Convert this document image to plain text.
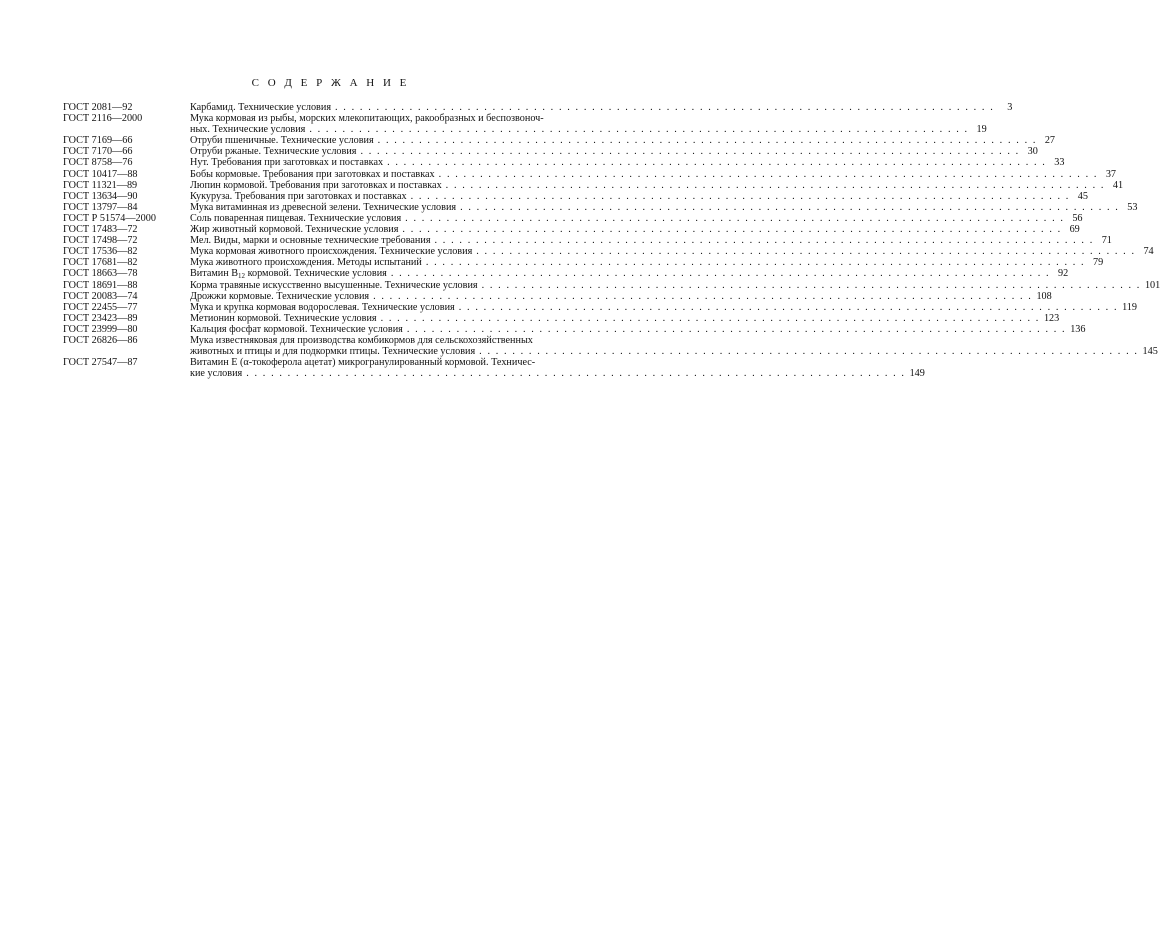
С О Д Е Р Ж А Н И Е
ГОСТ 2081—92	Карбамид. Технические условия . . . . . . . . . . . . . . . . . . . . . . . . . . . . . . . . . . . . . . . . . . . . . . . . . . . . . . . . . . . . . . . . . . . . . . . . . . . . . . . .	3
ГОСТ 2116—2000	Мука кормовая из рыбы, морских млекопитающих, ракообразных и беспозвоноч-
ных. Технические условия . . . . . . . . . . . . . . . . . . . . . . . . . . . . . . . . . . . . . . . . . . . . . . . . . . . . . . . . . . . . . . . . . . . . . . . . . . . . . . . . 19
ГОСТ 7169—66	Отруби пшеничные. Технические условия . . . . . . . . . . . . . . . . . . . . . . . . . . . . . . . . . . . . . . . . . . . . . . . . . . . . . . . . . . . . . . . . . . . . . . . . . . . . . . . . 27
ГОСТ 7170—66	Отруби ржаные. Технические условия . . . . . . . . . . . . . . . . . . . . . . . . . . . . . . . . . . . . . . . . . . . . . . . . . . . . . . . . . . . . . . . . . . . . . . . . . . . . . . . . 30
ГОСТ 8758—76	Нут. Требования при заготовках и поставках . . . . . . . . . . . . . . . . . . . . . . . . . . . . . . . . . . . . . . . . . . . . . . . . . . . . . . . . . . . . . . . . . . . . . . . . . . . . . . . . 33
ГОСТ 10417—88	Бобы кормовые. Требования при заготовках и поставках . . . . . . . . . . . . . . . . . . . . . . . . . . . . . . . . . . . . . . . . . . . . . . . . . . . . . . . . . . . . . . . . . . . . . . . . . . . . . . . . 37
ГОСТ 11321—89	Люпин кормовой. Требования при заготовках и поставках . . . . . . . . . . . . . . . . . . . . . . . . . . . . . . . . . . . . . . . . . . . . . . . . . . . . . . . . . . . . . . . . . . . . . . . . . . . . . . . . 41
ГОСТ 13634—90	Кукуруза. Требования при заготовках и поставках . . . . . . . . . . . . . . . . . . . . . . . . . . . . . . . . . . . . . . . . . . . . . . . . . . . . . . . . . . . . . . . . . . . . . . . . . . . . . . . . 45
ГОСТ 13797—84	Мука витаминная из древесной зелени. Технические условия . . . . . . . . . . . . . . . . . . . . . . . . . . . . . . . . . . . . . . . . . . . . . . . . . . . . . . . . . . . . . . . . . . . . . . . . . . . . . . . . 53
ГОСТ Р 51574—2000	Соль поваренная пищевая. Технические условия . . . . . . . . . . . . . . . . . . . . . . . . . . . . . . . . . . . . . . . . . . . . . . . . . . . . . . . . . . . . . . . . . . . . . . . . . . . . . . . . 56
ГОСТ 17483—72	Жир животный кормовой. Технические условия . . . . . . . . . . . . . . . . . . . . . . . . . . . . . . . . . . . . . . . . . . . . . . . . . . . . . . . . . . . . . . . . . . . . . . . . . . . . . . . . 69
ГОСТ 17498—72	Мел. Виды, марки и основные технические требования . . . . . . . . . . . . . . . . . . . . . . . . . . . . . . . . . . . . . . . . . . . . . . . . . . . . . . . . . . . . . . . . . . . . . . . . . . . . . . . . 71
ГОСТ 17536—82	Мука кормовая животного происхождения. Технические условия . . . . . . . . . . . . . . . . . . . . . . . . . . . . . . . . . . . . . . . . . . . . . . . . . . . . . . . . . . . . . . . . . . . . . . . . . . . . . . . . 74
ГОСТ 17681—82	Мука животного происхождения. Методы испытаний . . . . . . . . . . . . . . . . . . . . . . . . . . . . . . . . . . . . . . . . . . . . . . . . . . . . . . . . . . . . . . . . . . . . . . . . . . . . . . . . 79
ГОСТ 18663—78	Витамин $B_{12}$ кормовой. Технические условия . . . . . . . . . . . . . . . . . . . . . . . . . . . . . . . . . . . . . . . . . . . . . . . . . . . . . . . . . . . . . . . . . . . . . . . . . . . . . . . . 92
ГОСТ 18691—88	Корма травяные искусственно высушенные. Технические условия . . . . . . . . . . . . . . . . . . . . . . . . . . . . . . . . . . . . . . . . . . . . . . . . . . . . . . . . . . . . . . . . . . . . . . . . . . . . . . . . 101
ГОСТ 20083—74	Дрожжи кормовые. Технические условия . . . . . . . . . . . . . . . . . . . . . . . . . . . . . . . . . . . . . . . . . . . . . . . . . . . . . . . . . . . . . . . . . . . . . . . . . . . . . . . . 108
ГОСТ 22455—77	Мука и крупка кормовая водорослевая. Технические условия . . . . . . . . . . . . . . . . . . . . . . . . . . . . . . . . . . . . . . . . . . . . . . . . . . . . . . . . . . . . . . . . . . . . . . . . . . . . . . . . 119
ГОСТ 23423—89	Метионин кормовой. Технические условия . . . . . . . . . . . . . . . . . . . . . . . . . . . . . . . . . . . . . . . . . . . . . . . . . . . . . . . . . . . . . . . . . . . . . . . . . . . . . . . . 123
ГОСТ 23999—80	Кальция фосфат кормовой. Технические условия . . . . . . . . . . . . . . . . . . . . . . . . . . . . . . . . . . . . . . . . . . . . . . . . . . . . . . . . . . . . . . . . . . . . . . . . . . . . . . . . 136
ГОСТ 26826—86	Мука известняковая для производства комбикормов для сельскохозяйственных
животных и птицы и для подкормки птицы. Технические условия . . . . . . . . . . . . . . . . . . . . . . . . . . . . . . . . . . . . . . . . . . . . . . . . . . . . . . . . . . . . . . . . . . . . . . . . . . . . . . . . 145
ГОСТ 27547—87	Витамин E (α-токоферола ацетат) микрогранулированный кормовой. Техничес-
кие условия . . . . . . . . . . . . . . . . . . . . . . . . . . . . . . . . . . . . . . . . . . . . . . . . . . . . . . . . . . . . . . . . . . . . . . . . . . . . . . . . 149
